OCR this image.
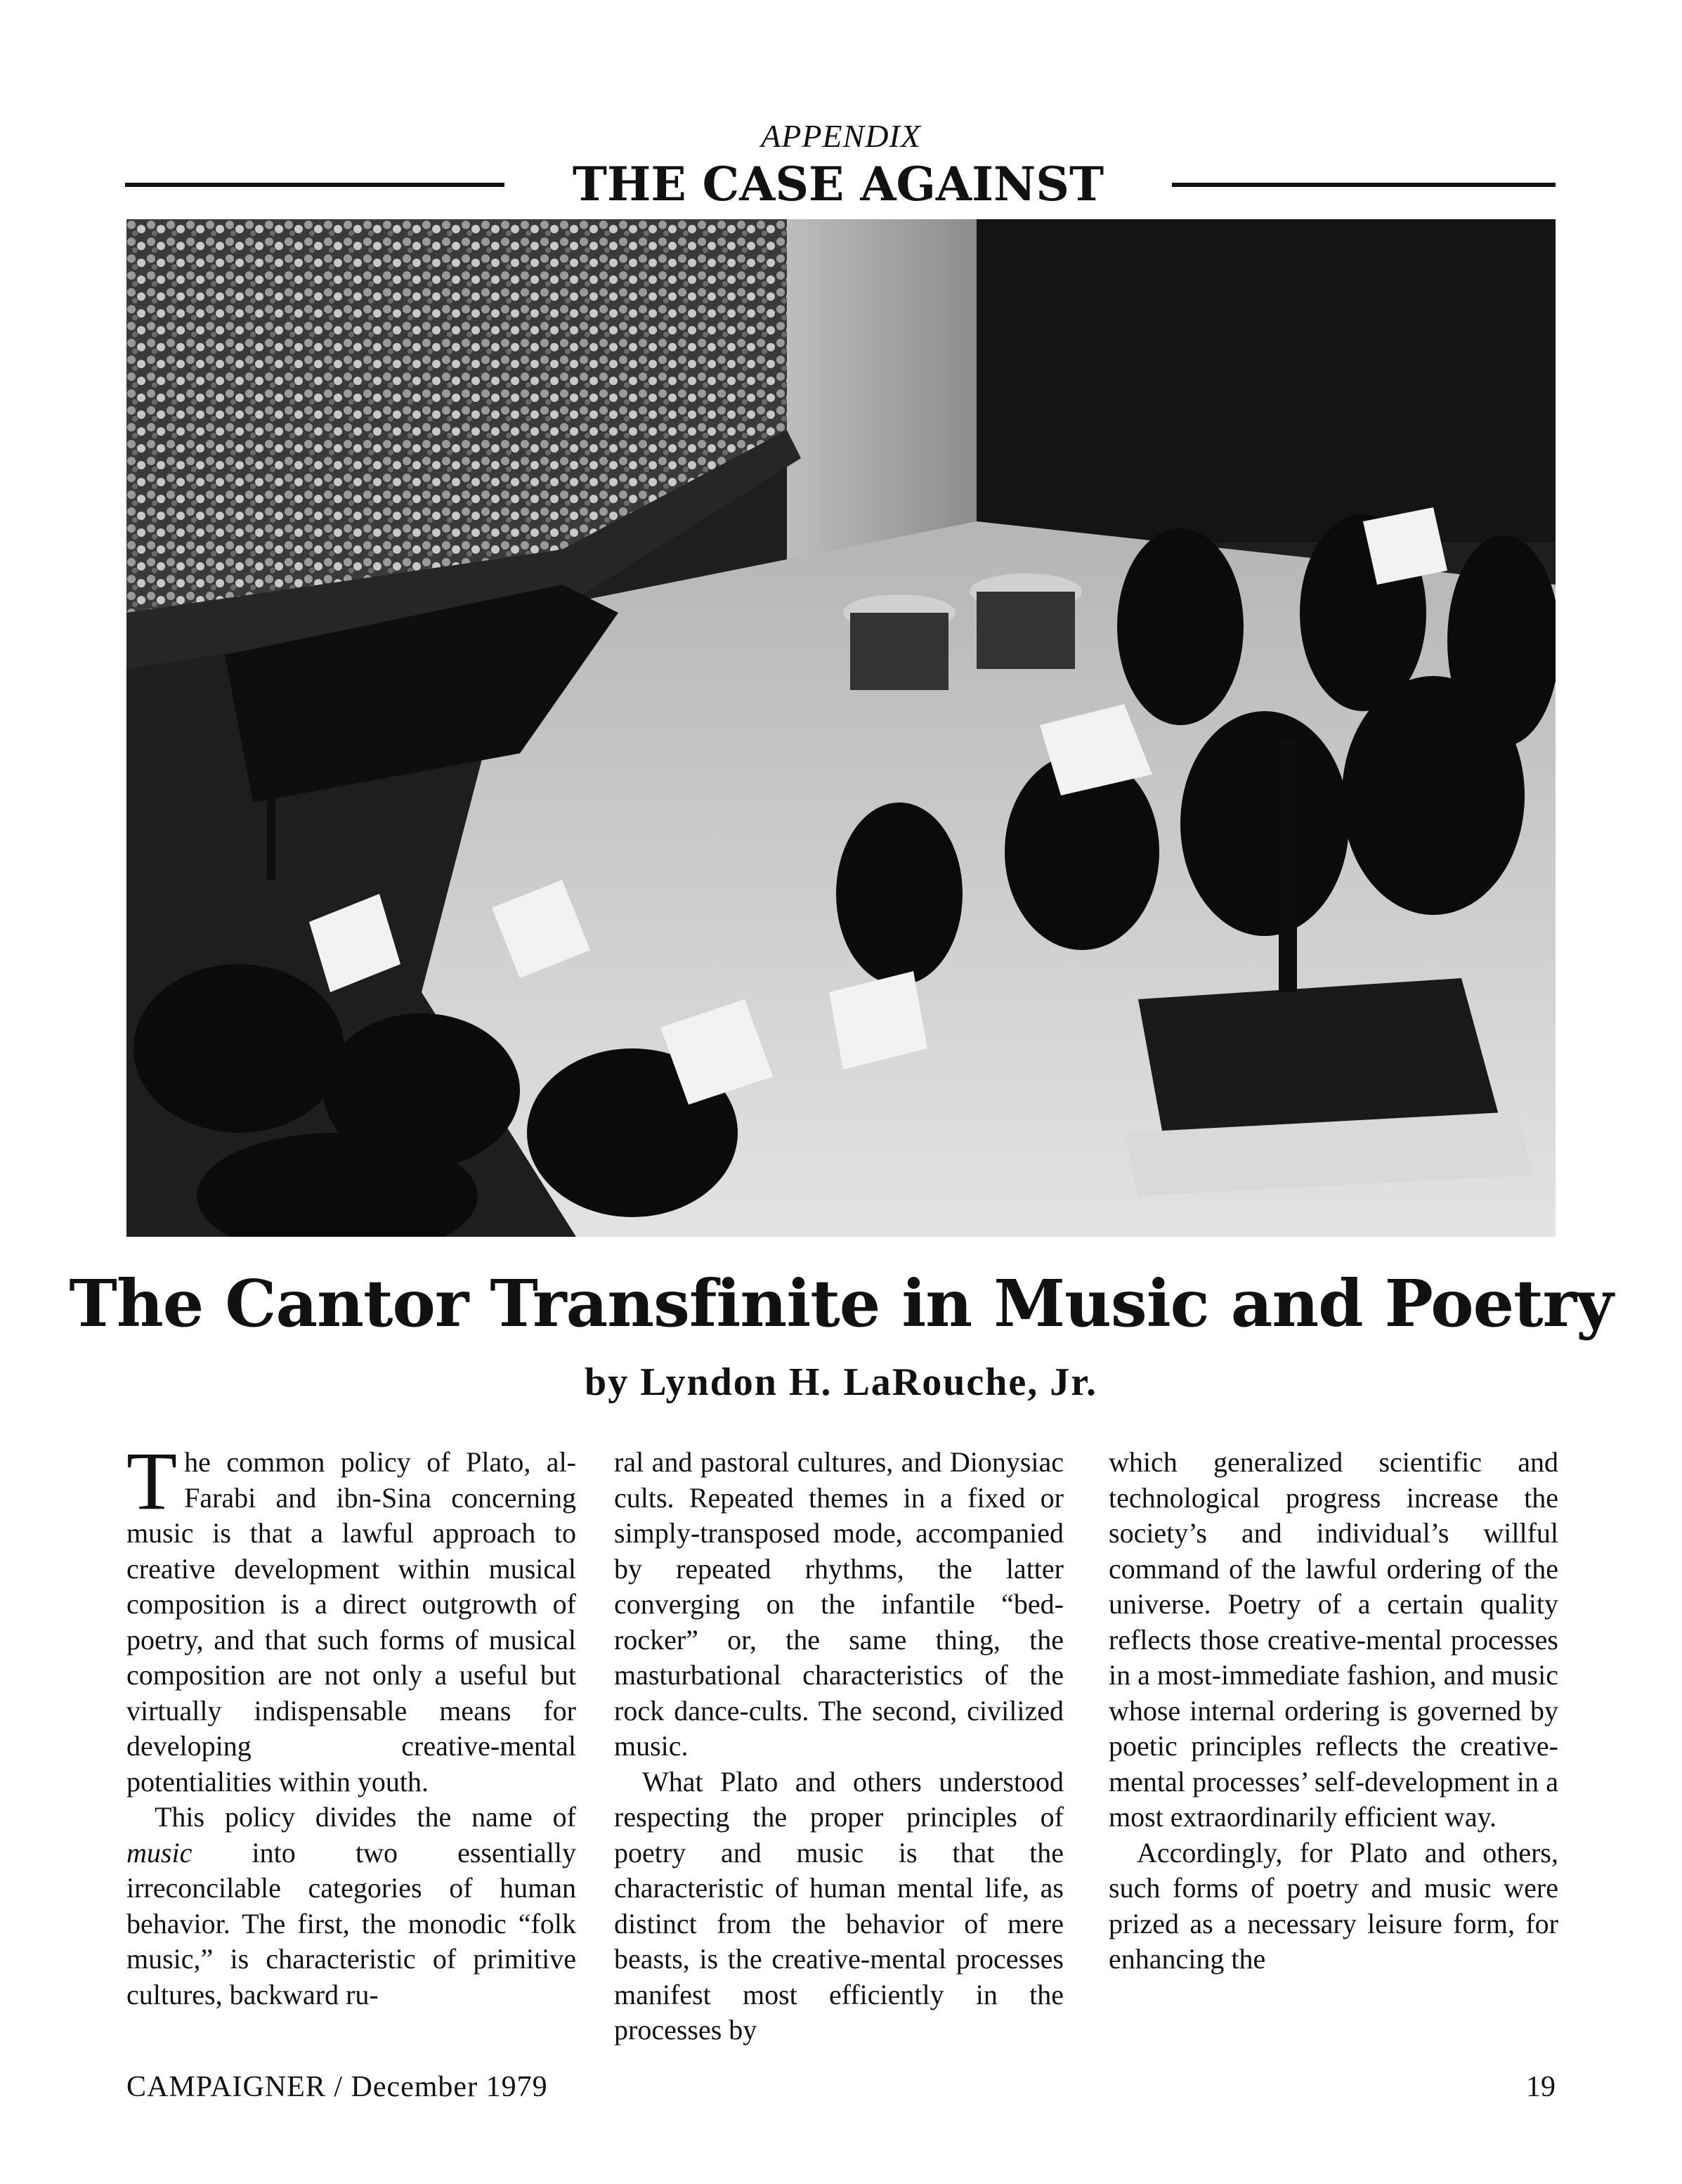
APPENDIX
THE CASE AGAINST
The Cantor Transfinite in Music and Poetry
by Lyndon H. LaRouche, Jr.

The common policy of Plato, al-Farabi and ibn-Sina concerning music is that a lawful approach to creative development within musical composition is a direct outgrowth of poetry, and that such forms of musical composition are not only a useful but virtually indispensable means for developing creative-mental potentialities within youth.

This policy divides the name of music into two essentially irreconcilable categories of human behavior. The first, the monodic “folk music,” is characteristic of primitive cultures, backward ru-

ral and pastoral cultures, and Dionysiac cults. Repeated themes in a fixed or simply-transposed mode, accompanied by repeated rhythms, the latter converging on the infantile “bed-rocker” or, the same thing, the masturbational characteristics of the rock dance-cults. The second, civilized music.

What Plato and others understood respecting the proper principles of poetry and music is that the characteristic of human mental life, as distinct from the behavior of mere beasts, is the creative-mental processes manifest most efficiently in the processes by

which generalized scientific and technological progress increase the society’s and individual’s willful command of the lawful ordering of the universe. Poetry of a certain quality reflects those creative-mental processes in a most-immediate fashion, and music whose internal ordering is governed by poetic principles reflects the creative-mental processes’ self-development in a most extraordinarily efficient way.

Accordingly, for Plato and others, such forms of poetry and music were prized as a necessary leisure form, for enhancing the

CAMPAIGNER / December 1979	19
